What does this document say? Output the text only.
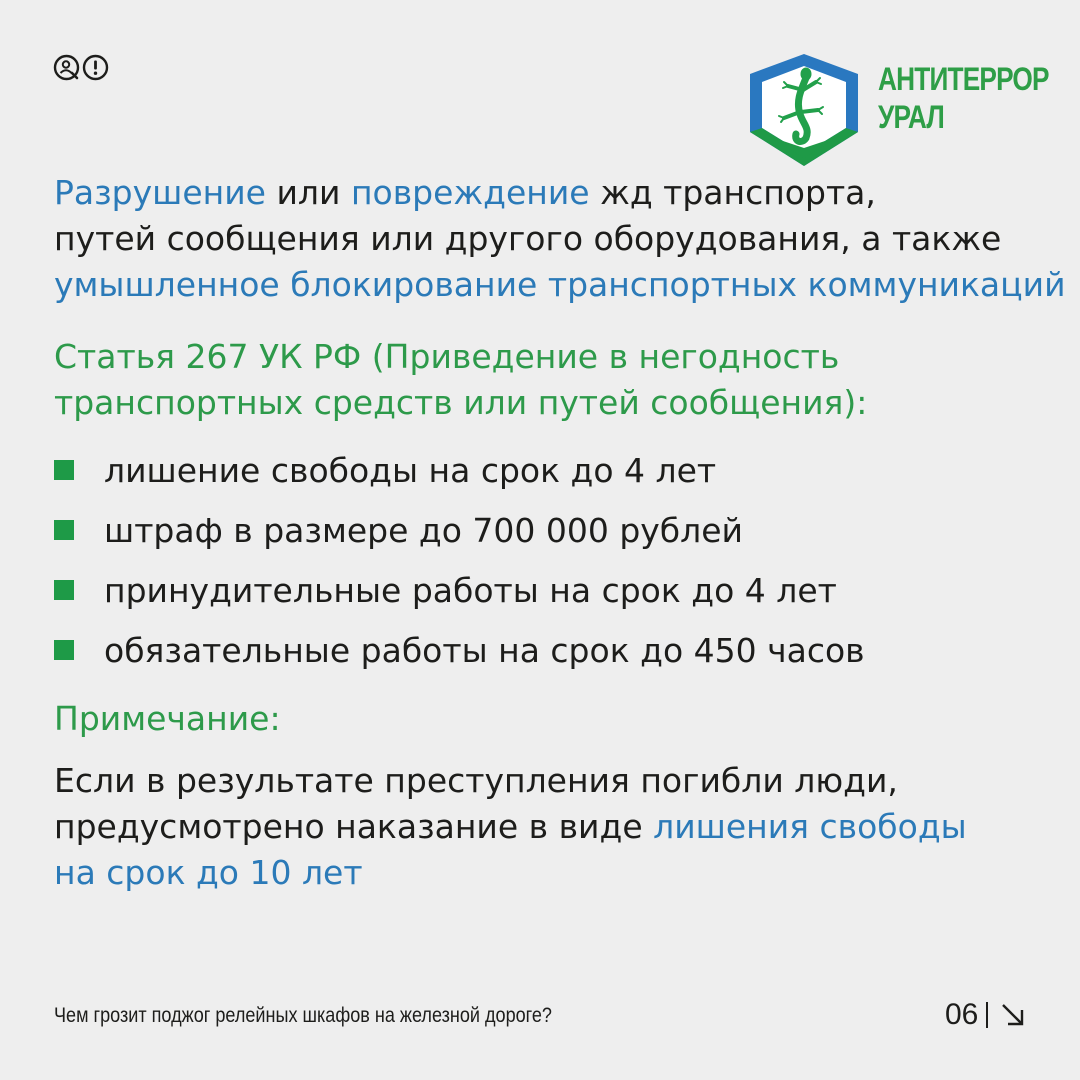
АНТИТЕРРОР
УРАЛ
Разрушение или повреждение жд транспорта,
путей сообщения или другого оборудования, а также
умышленное блокирование транспортных коммуникаций
Статья 267 УК РФ (Приведение в негодность
транспортных средств или путей сообщения):
лишение свободы на срок до 4 лет
штраф в размере до 700 000 рублей
принудительные работы на срок до 4 лет
обязательные работы на срок до 450 часов
Примечание:
Если в результате преступления погибли люди,
предусмотрено наказание в виде лишения свободы
на срок до 10 лет
Чем грозит поджог релейных шкафов на железной дороге?	06
